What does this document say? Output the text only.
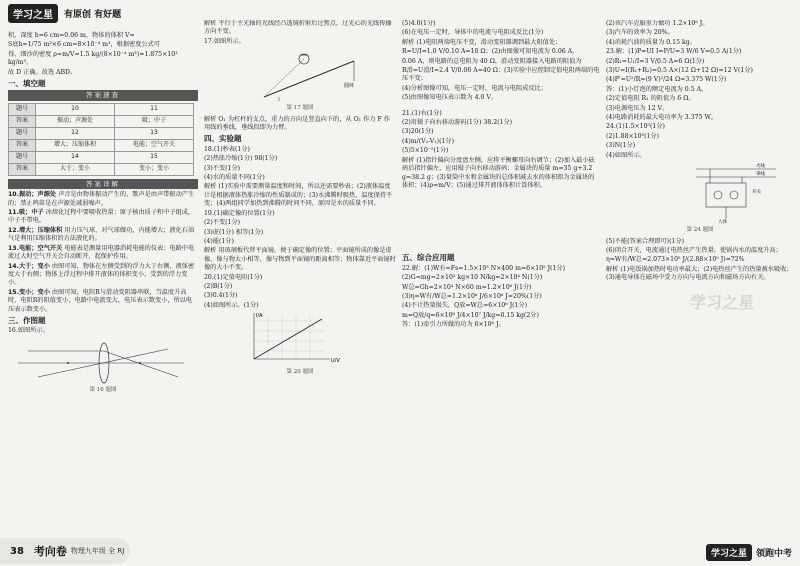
学习之星	有原创 有好题

积，深度 h=6 cm=0.06 m，物体的体积 V=

S底h=1/75 m²×6 cm=8×10⁻⁴ m³，根据密度公式可

得，细沙的密度 ρ=m/V=1.5 kg/(8×10⁻⁴ m³)=1.875×10³ kg/m³，

故 D 正确。故选 ABD。

一、填空题
答案速查
题号	10	11
答案	振动；声源处	吸；中子
题号	12	13
答案	增大；压缩体积	电能；空气开关
题号	14	15
答案	大于；变小	变小；变小
答案详解

10.振动；声源处 声音是由物体振动产生的，歌声是由声带振动产生的；禁止鸣笛是在声源处减弱噪声。

11.吸；中子 冰熔化过程中要吸收热量；原子核由质子和中子组成，中子不带电。

12.增大；压缩体积 用力压气球，对气球做功，内能增大；液化石油气是利用压缩体积的方法液化的。

13.电能；空气开关 电能表是测量用电器消耗电能的仪表；电路中电流过大时空气开关会自动断开，起保护作用。

14.大于；变小 由图可知，物体在左侧受到的浮力大于右侧，液体密度大于右侧；物体上浮过程中排开液体的体积变小，受到的浮力变小。

15.变小；变小 由图可知，电阻R与滑动变阻器串联，当温度升高时，电阻R的阻值变小，电路中电流变大，电压表示数变小，所以电压表示数变小。

三、作图题

16.如图所示。

第 16 题图

解析 平行于主光轴的光线经凸透镜折射后过焦点，过光心的光线传播方向不变。

17.如图所示。

圆环
第 17 题图

解析 O₁ 为杠杆的支点，重力的方向是竖直向下的，从 O₁ 作力 F 作用线的垂线，垂线段即为力臂。

四、实验题

18.(1)秒表(1分)

(2)热胀冷缩(1分) 98(1分)

(3)不变(1分)

(4)水的质量不同(1分)

解析 (1)实验中需要测量温度和时间，所以还需要秒表；(2)液体温度计是根据液体热胀冷缩的性质制成的；(3)水沸腾时吸热，温度保持不变；(4)两组同学加热到沸腾的时间不同，原因是水的质量不同。

19.(1)确定像的位置(1分)

(2)不变(1分)

(3)虚(1分) 相等(1分)

(4)能(1分)

解析 用玻璃板代替平面镜，便于确定像的位置；平面镜所成的像是虚像，像与物大小相等，像与物到平面镜的距离相等；物体靠近平面镜时像的大小不变。

20.(1)定值电阻(1分)

(2)B(1分)

(3)0.4(1分)

(4)如图所示。(1分)

I/A
U/V
第 20 题图

(5)4.0(1分)

(6)在电压一定时，导体中的电流与电阻成反比(1分)

解析 (1)电阻两端电压不变，滑动变阻器调到最大阻值处；

R=U/I=1.0 V/0.10 A=10 Ω；(2)由图像可知电流为 0.06 A，

0.06 A，则电路的总电阻为 40 Ω，滑动变阻器接入电路的阻值为

R滑=U滑/I=2.4 V/0.06 A=40 Ω；(3)实验中应控制定值电阻两端的电压不变；

(4)分析图像可知，电压一定时，电流与电阻成反比；

(5)由图像知电压表示数为 4.0 V。

21.(1)右(1分)

(2)用镊子向右移动游码(1分) 38.2(1分)

(3)20(1分)

(4)m/(V₂-V₁)(1分)

(5)5×10⁻⁵(1分)

解析 (1)指针偏向分度盘左侧，应将平衡螺母向右调节；(2)加入最小砝码后指针偏左，应用镊子向右移动游码；金属块的质量 m=35 g+3.2 g=38.2 g；(3)量筒中水和金属块的总体积减去水的体积即为金属块的体积；(4)ρ=m/V；(5)通过排开液体体积计算体积。

五、综合应用题

22.解：(1)W有=Fs=1.5×10³ N×400 m=6×10⁵ J(1分)

(2)G=mg=2×10³ kg×10 N/kg=2×10⁴ N(1分)

W总=Gh=2×10⁴ N×60 m=1.2×10⁶ J(1分)

(3)η=W有/W总=1.2×10⁶ J/6×10⁶ J=20%(1分)

(4)不计热量损失，Q放=W总=6×10⁶ J(1分)

m=Q放/q=6×10⁶ J/4×10⁷ J/kg=0.15 kg(2分)

答：(1)牵引力所做的功为 6×10⁶ J。

(2)该汽车克服重力做功 1.2×10⁶ J。

(3)汽车的效率为 20%。

(4)消耗汽油的质量为 0.15 kg。

23.解：(1)P=UI I=P/U=3 W/6 V=0.5 A(1分)

(2)R₁=U₁/I=3 V/0.5 A=6 Ω(1分)

(3)U=I(R₁+R₂)=0.5 A×(12 Ω+12 Ω)=12 V(1分)

(4)P'=U²/R=(9 V)²/24 Ω=3.375 W(1分)

答：(1)小灯泡的额定电流为 0.5 A。

(2)定值电阻 R₁ 的阻值为 6 Ω。

(3)电源电压为 12 V。

(4)电路消耗的最大电功率为 3.375 W。

24.(1)1.5×10⁵(1分)

(2)1.88×10⁵(1分)

(3)N(1分)

(4)如图所示。

火线
零线
开关
人体
第 24 题图

(5)不能(答案合理即可)(1分)

(6)闭合开关，电流通过电热丝产生热量，使锅内水的温度升高；

η=W有/W总=2.073×10⁵ J/(2.88×10⁵ J)=72%

解析 (1)电饭锅加热时电功率最大；(2)电热丝产生的热量被水吸收；(3)通电导体在磁场中受力方向与电流方向和磁场方向有关。

学习之星
38 考向卷 物理九年级 全 RJ	学习之星	领跑中考
